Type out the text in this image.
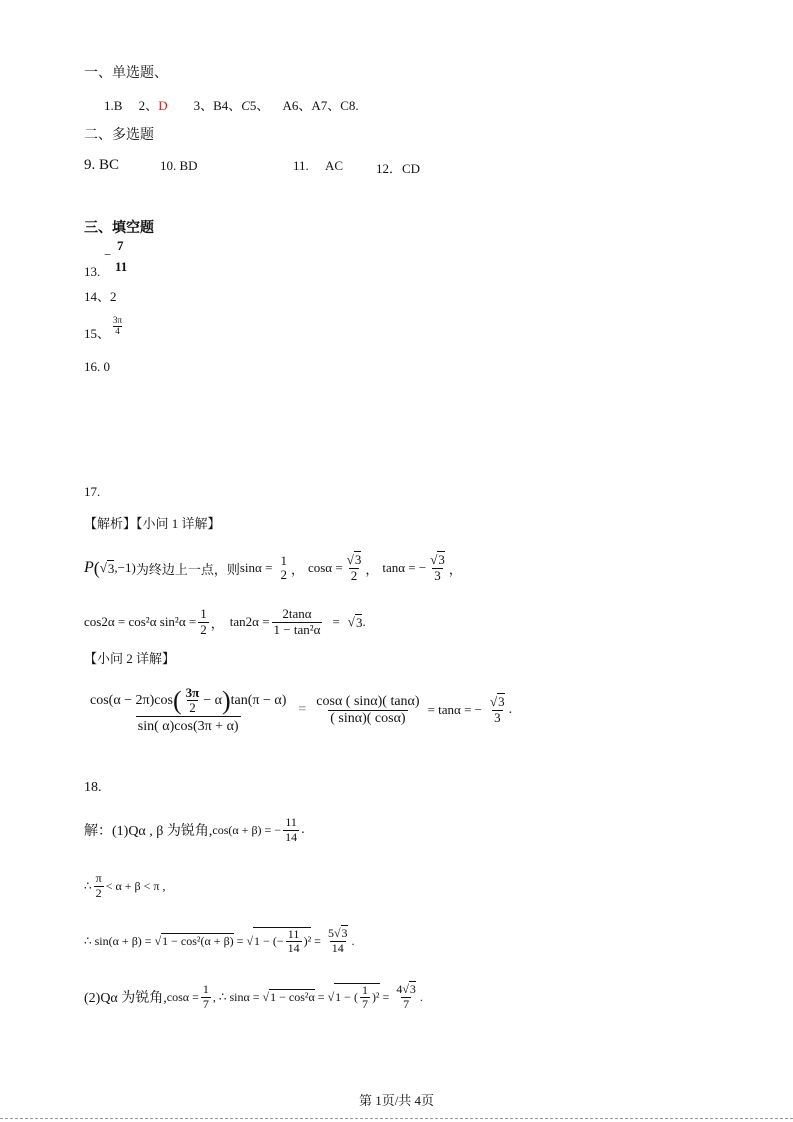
一、单选题、
1.B 2、D 3、B4、C5、 A6、A7、C8.
二、多选题
9. BC	10. BD	11. AC	12．CD
三、填空题
13.
−
7
11
14、2
15、 $\frac{3\pi}{4}$
16. 0
17.
【解析】【小问 1 详解】
P ( √ 3 ,−1) 为终边上一点，则 sinα = 1
2 ， $\cos\alpha = \frac{√3}{2}$ ， tanα = − $\frac{√3}{3}$ ，
cos2α = cos²α $\sin^2\alpha = \frac{1}{2}$ ， $\tan 2\alpha = \frac{2\tan\alpha}{\text{1 − tan²α}}$ = √ 3 .
【小问 2 详解】
cos(α − 2π)cos ( $\frac{3\pi}{2} - \alpha$ ) tan(π − α)
sin( α)cos(3π + α)
= $\frac{\cos\alpha ( \sin\alpha)( \tan\alpha)}{( \sin\alpha)( \cos\alpha)} = \tan\alpha$ = − $\frac{√3}{3}$ .
18.
解：(1)Qα , β 为锐角, cos(α + β) = − $\frac{11}{14}$ .
∴ $\frac{\pi}{2} < \alpha + \beta < \pi$ ,
∴ sin(α + β) = √ 1 − cos²(α + β) = √ 1 − (− $\frac{11}{14} )^2 = \frac{5√3}{14}$ .
(2)Qα 为锐角, $\cos\alpha = \frac{1}{7}$ , ∴ sinα = √ 1 − cos²α = √ 1 − ( $\frac{1}{7} )^2 = \frac{4√3}{7}$ .
第 1页/共 4页
